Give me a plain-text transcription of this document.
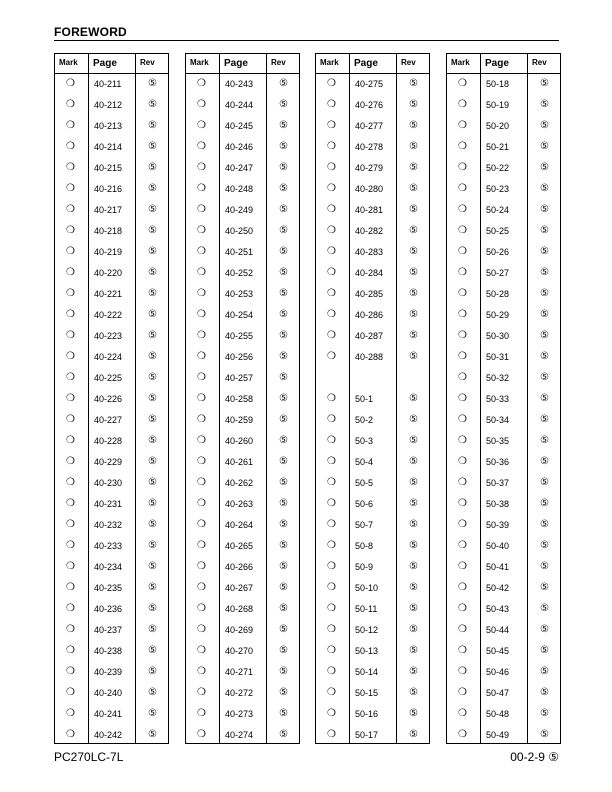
FOREWORD
Mark Page	Rev
❍ 40-211	⑤
❍ 40-212	⑤
❍ 40-213	⑤
❍ 40-214	⑤
❍ 40-215	⑤
❍ 40-216	⑤
❍ 40-217	⑤
❍ 40-218	⑤
❍ 40-219	⑤
❍ 40-220	⑤
❍ 40-221	⑤
❍ 40-222	⑤
❍ 40-223	⑤
❍ 40-224	⑤
❍ 40-225	⑤
❍ 40-226	⑤
❍ 40-227	⑤
❍ 40-228	⑤
❍ 40-229	⑤
❍ 40-230	⑤
❍ 40-231	⑤
❍ 40-232	⑤
❍ 40-233	⑤
❍ 40-234	⑤
❍ 40-235	⑤
❍ 40-236	⑤
❍ 40-237	⑤
❍ 40-238	⑤
❍ 40-239	⑤
❍ 40-240	⑤
❍ 40-241	⑤
❍ 40-242	⑤
Mark Page	Rev
❍ 40-243	⑤
❍ 40-244	⑤
❍ 40-245	⑤
❍ 40-246	⑤
❍ 40-247	⑤
❍ 40-248	⑤
❍ 40-249	⑤
❍ 40-250	⑤
❍ 40-251	⑤
❍ 40-252	⑤
❍ 40-253	⑤
❍ 40-254	⑤
❍ 40-255	⑤
❍ 40-256	⑤
❍ 40-257	⑤
❍ 40-258	⑤
❍ 40-259	⑤
❍ 40-260	⑤
❍ 40-261	⑤
❍ 40-262	⑤
❍ 40-263	⑤
❍ 40-264	⑤
❍ 40-265	⑤
❍ 40-266	⑤
❍ 40-267	⑤
❍ 40-268	⑤
❍ 40-269	⑤
❍ 40-270	⑤
❍ 40-271	⑤
❍ 40-272	⑤
❍ 40-273	⑤
❍ 40-274	⑤
Mark Page	Rev
❍ 40-275	⑤
❍ 40-276	⑤
❍ 40-277	⑤
❍ 40-278	⑤
❍ 40-279	⑤
❍ 40-280	⑤
❍ 40-281	⑤
❍ 40-282	⑤
❍ 40-283	⑤
❍ 40-284	⑤
❍ 40-285	⑤
❍ 40-286	⑤
❍ 40-287	⑤
❍ 40-288	⑤
❍ 50-1	⑤
❍ 50-2	⑤
❍ 50-3	⑤
❍ 50-4	⑤
❍ 50-5	⑤
❍ 50-6	⑤
❍ 50-7	⑤
❍ 50-8	⑤
❍ 50-9	⑤
❍ 50-10	⑤
❍ 50-11	⑤
❍ 50-12	⑤
❍ 50-13	⑤
❍ 50-14	⑤
❍ 50-15	⑤
❍ 50-16	⑤
❍ 50-17	⑤
Mark Page	Rev
❍ 50-18	⑤
❍ 50-19	⑤
❍ 50-20	⑤
❍ 50-21	⑤
❍ 50-22	⑤
❍ 50-23	⑤
❍ 50-24	⑤
❍ 50-25	⑤
❍ 50-26	⑤
❍ 50-27	⑤
❍ 50-28	⑤
❍ 50-29	⑤
❍ 50-30	⑤
❍ 50-31	⑤
❍ 50-32	⑤
❍ 50-33	⑤
❍ 50-34	⑤
❍ 50-35	⑤
❍ 50-36	⑤
❍ 50-37	⑤
❍ 50-38	⑤
❍ 50-39	⑤
❍ 50-40	⑤
❍ 50-41	⑤
❍ 50-42	⑤
❍ 50-43	⑤
❍ 50-44	⑤
❍ 50-45	⑤
❍ 50-46	⑤
❍ 50-47	⑤
❍ 50-48	⑤
❍ 50-49	⑤
PC270LC-7L	00-2-9 ⑤
